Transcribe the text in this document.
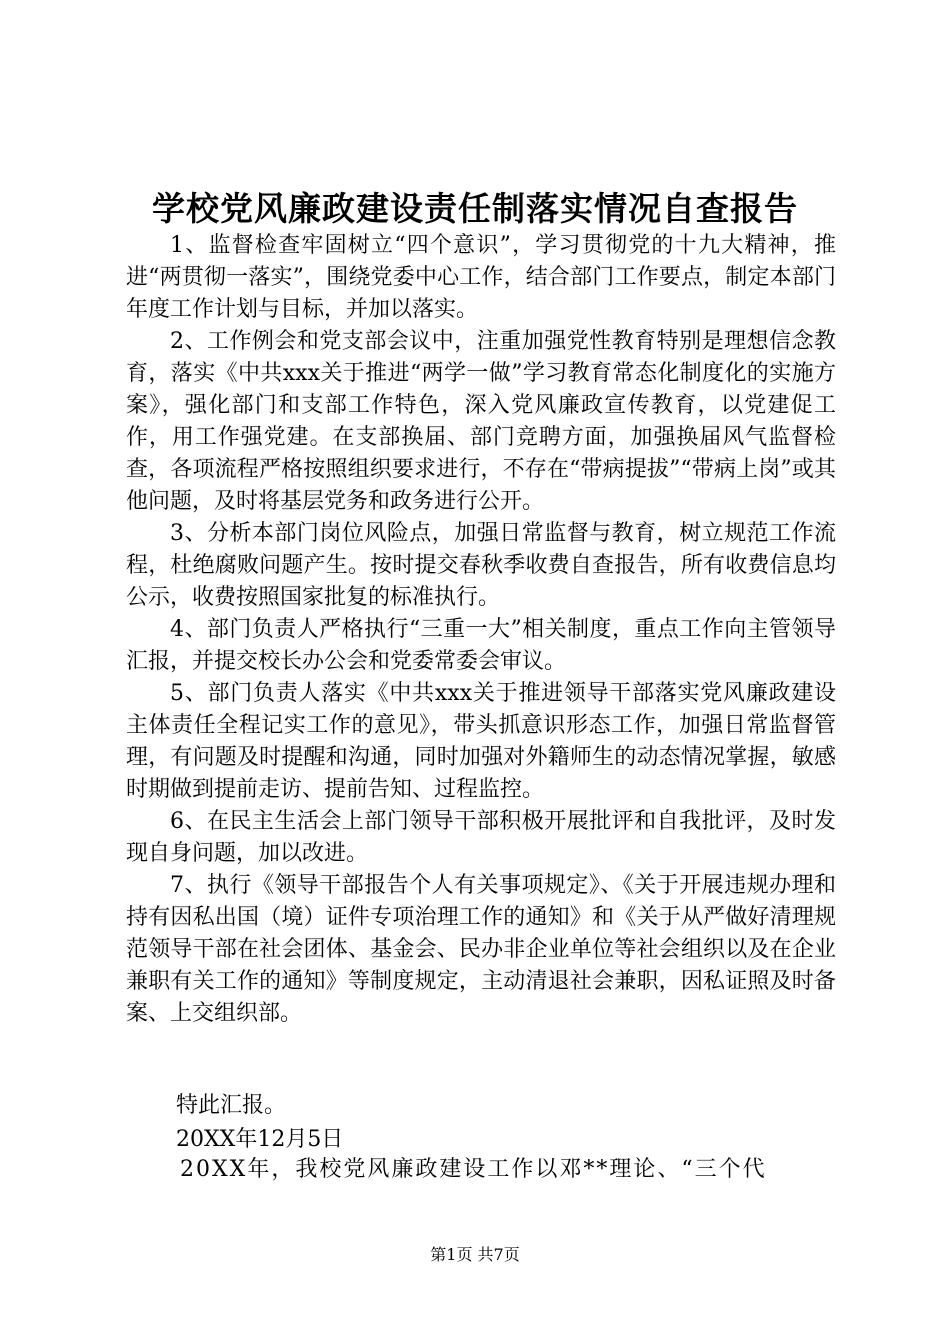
学校党风廉政建设责任制落实情况自查报告

1、监督检查牢固树立“四个意识”，学习贯彻党的十九大精神，推进“两贯彻一落实”，围绕党委中心工作，结合部门工作要点，制定本部门年度工作计划与目标，并加以落实。

2、工作例会和党支部会议中，注重加强党性教育特别是理想信念教育，落实《中共xxx关于推进“两学一做”学习教育常态化制度化的实施方案》，强化部门和支部工作特色，深入党风廉政宣传教育，以党建促工作，用工作强党建。在支部换届、部门竞聘方面，加强换届风气监督检查，各项流程严格按照组织要求进行，不存在“带病提拔”“带病上岗”或其他问题，及时将基层党务和政务进行公开。

3、分析本部门岗位风险点，加强日常监督与教育，树立规范工作流程，杜绝腐败问题产生。按时提交春秋季收费自查报告，所有收费信息均公示，收费按照国家批复的标准执行。

4、部门负责人严格执行“三重一大”相关制度，重点工作向主管领导汇报，并提交校长办公会和党委常委会审议。

5、部门负责人落实《中共xxx关于推进领导干部落实党风廉政建设主体责任全程记实工作的意见》，带头抓意识形态工作，加强日常监督管理，有问题及时提醒和沟通，同时加强对外籍师生的动态情况掌握，敏感时期做到提前走访、提前告知、过程监控。

6、在民主生活会上部门领导干部积极开展批评和自我批评，及时发现自身问题，加以改进。

7、执行《领导干部报告个人有关事项规定》、《关于开展违规办理和持有因私出国（境）证件专项治理工作的通知》和《关于从严做好清理规范领导干部在社会团体、基金会、民办非企业单位等社会组织以及在企业兼职有关工作的通知》等制度规定，主动清退社会兼职，因私证照及时备案、上交组织部。

特此汇报。
20XX年12月5日
20XX年，我校党风廉政建设工作以邓**理论、“三个代
第1页 共7页
